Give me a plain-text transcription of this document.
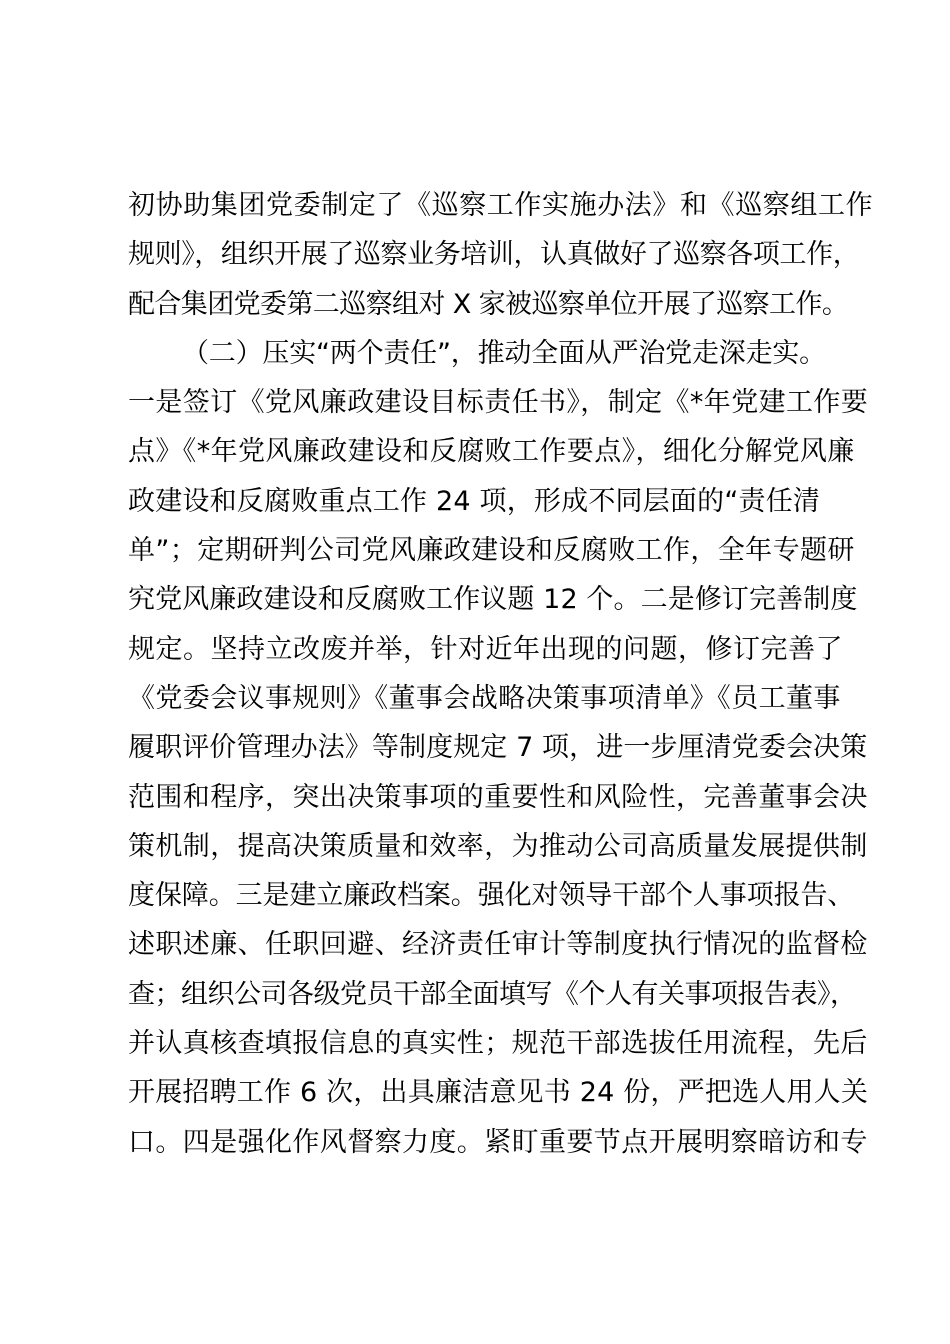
初协助集团党委制定了《巡察工作实施办法》和《巡察组工作
规则》，组织开展了巡察业务培训，认真做好了巡察各项工作，
配合集团党委第二巡察组对 X 家被巡察单位开展了巡察工作。
（二）压实“两个责任”，推动全面从严治党走深走实。
一是签订《党风廉政建设目标责任书》，制定《*年党建工作要
点》《*年党风廉政建设和反腐败工作要点》，细化分解党风廉
政建设和反腐败重点工作 24 项，形成不同层面的“责任清
单”；定期研判公司党风廉政建设和反腐败工作，全年专题研
究党风廉政建设和反腐败工作议题 12 个。二是修订完善制度
规定。坚持立改废并举，针对近年出现的问题，修订完善了
《党委会议事规则》《董事会战略决策事项清单》《员工董事
履职评价管理办法》等制度规定 7 项，进一步厘清党委会决策
范围和程序，突出决策事项的重要性和风险性，完善董事会决
策机制，提高决策质量和效率，为推动公司高质量发展提供制
度保障。三是建立廉政档案。强化对领导干部个人事项报告、
述职述廉、任职回避、经济责任审计等制度执行情况的监督检
查；组织公司各级党员干部全面填写《个人有关事项报告表》，
并认真核查填报信息的真实性；规范干部选拔任用流程，先后
开展招聘工作 6 次，出具廉洁意见书 24 份，严把选人用人关
口。四是强化作风督察力度。紧盯重要节点开展明察暗访和专
